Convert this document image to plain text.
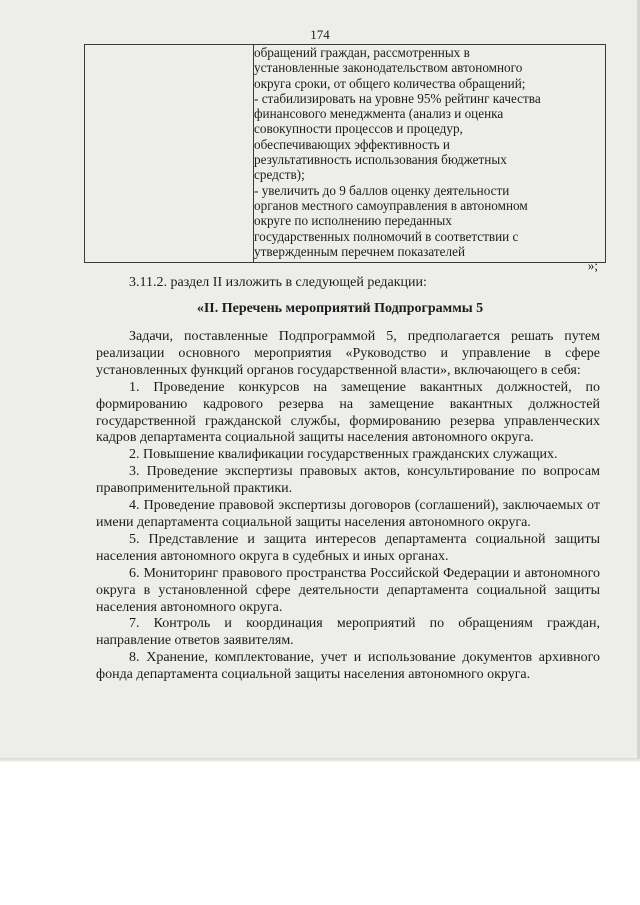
174

обращений граждан, рассмотренных в
установленные законодательством автономного
округа сроки, от общего количества обращений;
- стабилизировать на уровне 95% рейтинг качества
финансового менеджмента (анализ и оценка
совокупности процессов и процедур,
обеспечивающих эффективность и
результативность использования бюджетных
средств);
- увеличить до 9 баллов оценку деятельности
органов местного самоуправления в автономном
округе по исполнению переданных
государственных полномочий в соответствии с
утвержденным перечнем показателей
»;
3.11.2. раздел II изложить в следующей редакции:
«II. Перечень мероприятий Подпрограммы 5

Задачи, поставленные Подпрограммой 5, предполагается решать путем реализации основного мероприятия «Руководство и управление в сфере установленных функций органов государственной власти», включающего в себя:

1. Проведение конкурсов на замещение вакантных должностей, по формированию кадрового резерва на замещение вакантных должностей государственной гражданской службы, формированию резерва управленческих кадров департамента социальной защиты населения автономного округа.

2. Повышение квалификации государственных гражданских служащих.

3. Проведение экспертизы правовых актов, консультирование по вопросам правоприменительной практики.

4. Проведение правовой экспертизы договоров (соглашений), заключаемых от имени департамента социальной защиты населения автономного округа.

5. Представление и защита интересов департамента социальной защиты населения автономного округа в судебных и иных органах.

6. Мониторинг правового пространства Российской Федерации и автономного округа в установленной сфере деятельности департамента социальной защиты населения автономного округа.

7. Контроль и координация мероприятий по обращениям граждан, направление ответов заявителям.

8. Хранение, комплектование, учет и использование документов архивного фонда департамента социальной защиты населения автономного округа.
